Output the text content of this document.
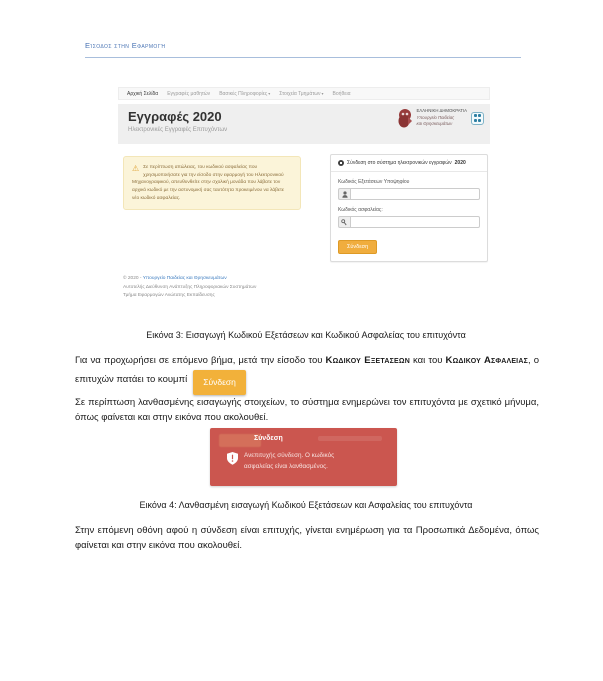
Είσοδος στην Εφαρμογή
Αρχική Σελίδα Εγγραφές μαθητών Βασικές Πληροφορίες ▾ Στοιχεία Τμημάτων ▾ Βοήθεια
Εγγραφές 2020
Ηλεκτρονικές Εγγραφές Επιτυχόντων
ΕΛΛΗΝΙΚΗ ΔΗΜΟΚΡΑΤΙΑ
Υπουργείο Παιδείας
και Θρησκευμάτων
⚠ Σε περίπτωση απώλειας, του κωδικού ασφαλείας που χρησιμοποιήσατε για την είσοδο στην εφαρμογή του Ηλεκτρονικού Μηχανογραφικού, απευθυνθείτε στην σχολική μονάδα που λάβατε τον αρχικό κωδικό με την αστυνομική σας ταυτότητα προκειμένου να λάβετε νέο κωδικό ασφαλείας.
Σύνδεση στο σύστημα ηλεκτρονικών εγγραφών 2020
Κωδικός Εξετάσεων Υποψηφίου
Κωδικός ασφαλείας:
Σύνδεση
© 2020 - Υπουργείο Παιδείας και Θρησκευμάτων
Αυτοτελής Διεύθυνση Ανάπτυξης Πληροφοριακών Συστημάτων
Τμήμα Εφαρμογών Ανώτατης Εκπαίδευσης
Εικόνα 3: Εισαγωγή Κωδικού Εξετάσεων και Κωδικού Ασφαλείας του επιτυχόντα

Για να προχωρήσει σε επόμενο βήμα, μετά την είσοδο του Κωδικου Εξετασεων και του Κωδικου Ασφαλειας, ο επιτυχών πατάει το κουμπί Σύνδεση

Σε περίπτωση λανθασμένης εισαγωγής στοιχείων, το σύστημα ενημερώνει τον επιτυχόντα με σχετικό μήνυμα, όπως φαίνεται και στην εικόνα που ακολουθεί.

Σύνδεση
Ανεπιτυχής σύνδεση. Ο κωδικός
ασφαλείας είναι λανθασμένος.
Εικόνα 4: Λανθασμένη εισαγωγή Κωδικού Εξετάσεων και Ασφαλείας του επιτυχόντα

Στην επόμενη οθόνη αφού η σύνδεση είναι επιτυχής, γίνεται ενημέρωση για τα Προσωπικά Δεδομένα, όπως φαίνεται και στην εικόνα που ακολουθεί.
